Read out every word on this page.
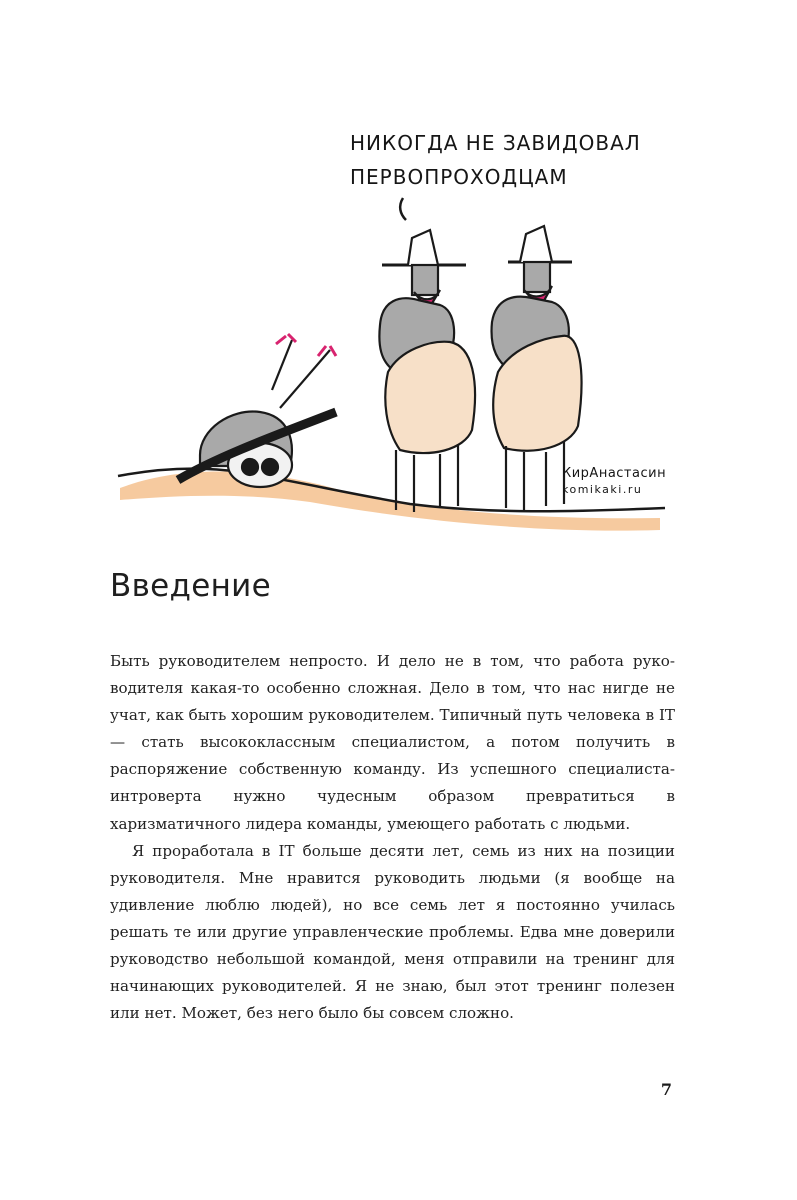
НИКОГДА НЕ ЗАВИДОВАЛ
ПЕРВОПРОХОДЦАМ
КирАнастасин
komikaki.ru
Введение

Быть руководителем непросто. И дело не в том, что работа руководителя какая-то особенно сложная. Дело в том, что нас нигде не учат, как быть хорошим руководителем. Типичный путь человека в IT — стать высококлассным специалистом, а потом получить в распоряжение собственную команду. Из успешного специалиста-интроверта нужно чудесным образом превратиться в харизматичного лидера команды, умеющего работать с людьми.

Я проработала в IT больше десяти лет, семь из них на позиции руководителя. Мне нравится руководить людьми (я вообще на удивление люблю людей), но все семь лет я постоянно училась решать те или другие управленческие проблемы. Едва мне доверили руководство небольшой командой, меня отправили на тренинг для начинающих руководителей. Я не знаю, был этот тренинг полезен или нет. Может, без него было бы совсем сложно.

7
